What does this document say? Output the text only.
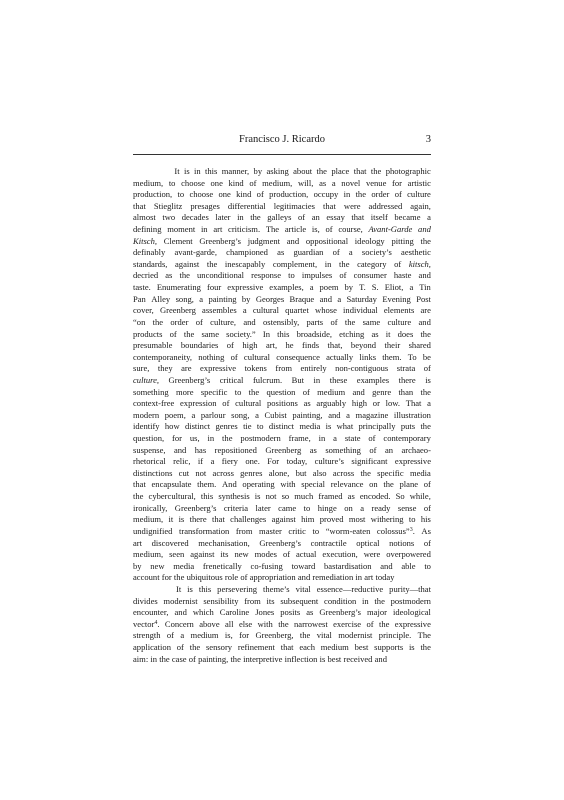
Francisco J. Ricardo	3
It is in this manner, by asking about the place that the photographic
medium, to choose one kind of medium, will, as a novel venue for artistic
production, to choose one kind of production, occupy in the order of culture
that Stieglitz presages differential legitimacies that were addressed again,
almost two decades later in the galleys of an essay that itself became a
defining moment in art criticism. The article is, of course, Avant-Garde and
Kitsch, Clement Greenberg’s judgment and oppositional ideology pitting the
definably avant-garde, championed as guardian of a society’s aesthetic
standards, against the inescapably complement, in the category of kitsch,
decried as the unconditional response to impulses of consumer haste and
taste. Enumerating four expressive examples, a poem by T. S. Eliot, a Tin
Pan Alley song, a painting by Georges Braque and a Saturday Evening Post
cover, Greenberg assembles a cultural quartet whose individual elements are
“on the order of culture, and ostensibly, parts of the same culture and
products of the same society.” In this broadside, etching as it does the
presumable boundaries of high art, he finds that, beyond their shared
contemporaneity, nothing of cultural consequence actually links them. To be
sure, they are expressive tokens from entirely non-contiguous strata of
culture, Greenberg’s critical fulcrum. But in these examples there is
something more specific to the question of medium and genre than the
context-free expression of cultural positions as arguably high or low. That a
modern poem, a parlour song, a Cubist painting, and a magazine illustration
identify how distinct genres tie to distinct media is what principally puts the
question, for us, in the postmodern frame, in a state of contemporary
suspense, and has repositioned Greenberg as something of an archaeo-
rhetorical relic, if a fiery one. For today, culture’s significant expressive
distinctions cut not across genres alone, but also across the specific media
that encapsulate them. And operating with special relevance on the plane of
the cybercultural, this synthesis is not so much framed as encoded. So while,
ironically, Greenberg’s criteria later came to hinge on a ready sense of
medium, it is there that challenges against him proved most withering to his
undignified transformation from master critic to “worm-eaten colossus”$^3$. As
art discovered mechanisation, Greenberg’s contractile optical notions of
medium, seen against its new modes of actual execution, were overpowered
by new media frenetically co-fusing toward bastardisation and able to
account for the ubiquitous role of appropriation and remediation in art today
It is this persevering theme’s vital essence—reductive purity—that
divides modernist sensibility from its subsequent condition in the postmodern
encounter, and which Caroline Jones posits as Greenberg’s major ideological
vector$^4$. Concern above all else with the narrowest exercise of the expressive
strength of a medium is, for Greenberg, the vital modernist principle. The
application of the sensory refinement that each medium best supports is the
aim: in the case of painting, the interpretive inflection is best received and
